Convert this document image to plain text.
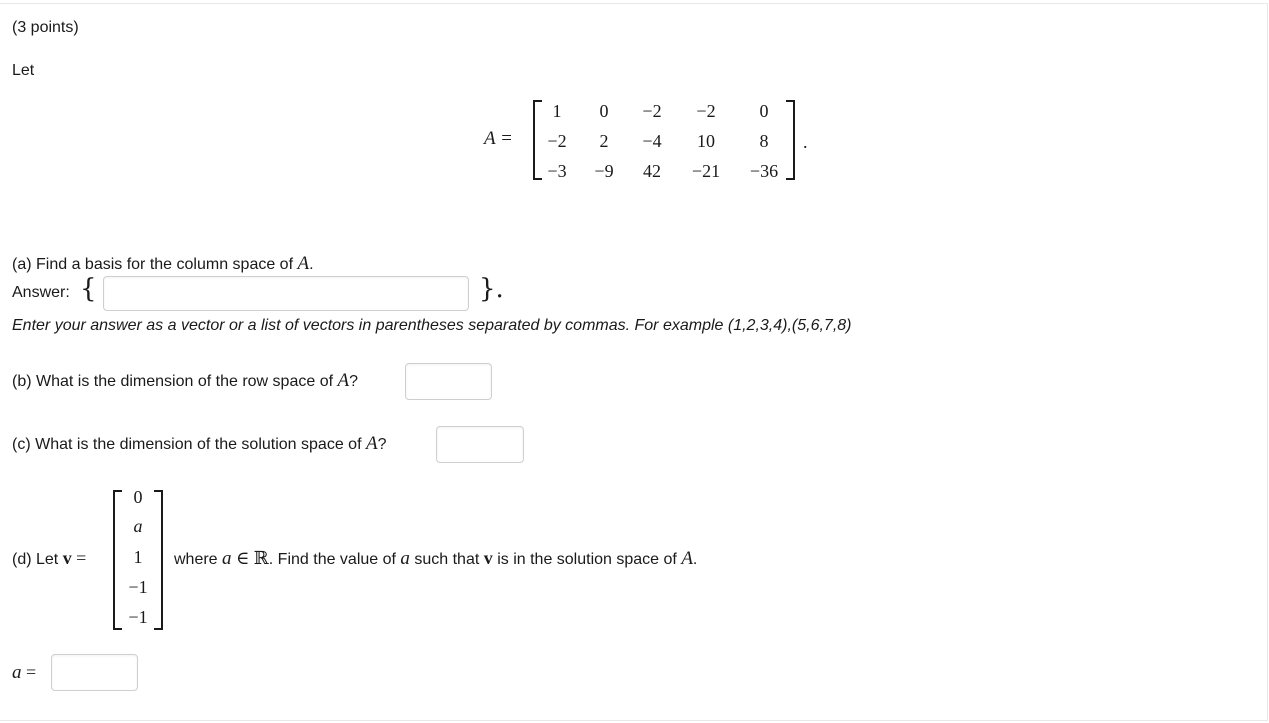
(3 points)
Let
A =
1	0	−2	−2	0
−2	2	−4	10	8
−3	−9	42	−21	−36
.
(a) Find a basis for the column space of A.
Answer: {	}.
Enter your answer as a vector or a list of vectors in parentheses separated by commas. For example (1,2,3,4),(5,6,7,8)
(b) What is the dimension of the row space of A?
(c) What is the dimension of the solution space of A?
(d) Let v =
0
a
1
−1
−1
where a ∈ ℝ. Find the value of a such that v is in the solution space of A.
a =
